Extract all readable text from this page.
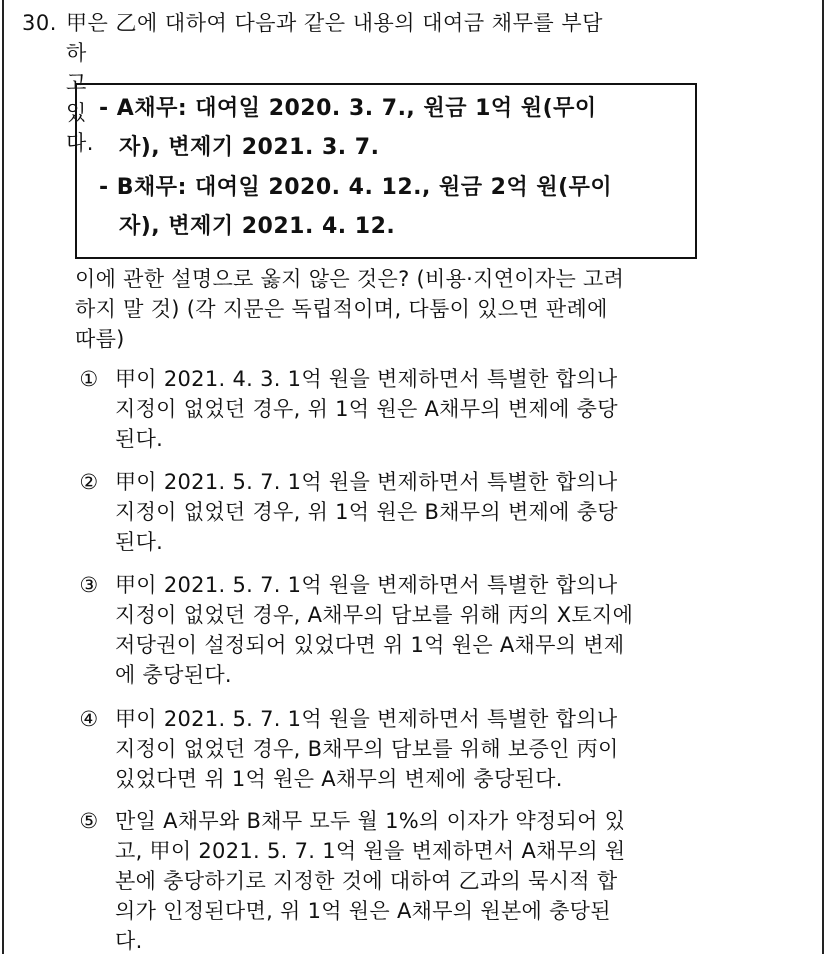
30. 甲은 乙에 대하여 다음과 같은 내용의 대여금 채무를 부담
하고 있다.
- A채무: 대여일 2020. 3. 7., 원금 1억 원(무이
자), 변제기 2021. 3. 7.
- B채무: 대여일 2020. 4. 12., 원금 2억 원(무이
자), 변제기 2021. 4. 12.
이에 관한 설명으로 옳지 않은 것은? (비용·지연이자는 고려
하지 말 것) (각 지문은 독립적이며, 다툼이 있으면 판례에
따름)
① 甲이 2021. 4. 3. 1억 원을 변제하면서 특별한 합의나
지정이 없었던 경우, 위 1억 원은 A채무의 변제에 충당
된다.
② 甲이 2021. 5. 7. 1억 원을 변제하면서 특별한 합의나
지정이 없었던 경우, 위 1억 원은 B채무의 변제에 충당
된다.
③ 甲이 2021. 5. 7. 1억 원을 변제하면서 특별한 합의나
지정이 없었던 경우, A채무의 담보를 위해 丙의 X토지에
저당권이 설정되어 있었다면 위 1억 원은 A채무의 변제
에 충당된다.
④ 甲이 2021. 5. 7. 1억 원을 변제하면서 특별한 합의나
지정이 없었던 경우, B채무의 담보를 위해 보증인 丙이
있었다면 위 1억 원은 A채무의 변제에 충당된다.
⑤ 만일 A채무와 B채무 모두 월 1%의 이자가 약정되어 있
고, 甲이 2021. 5. 7. 1억 원을 변제하면서 A채무의 원
본에 충당하기로 지정한 것에 대하여 乙과의 묵시적 합
의가 인정된다면, 위 1억 원은 A채무의 원본에 충당된
다.
